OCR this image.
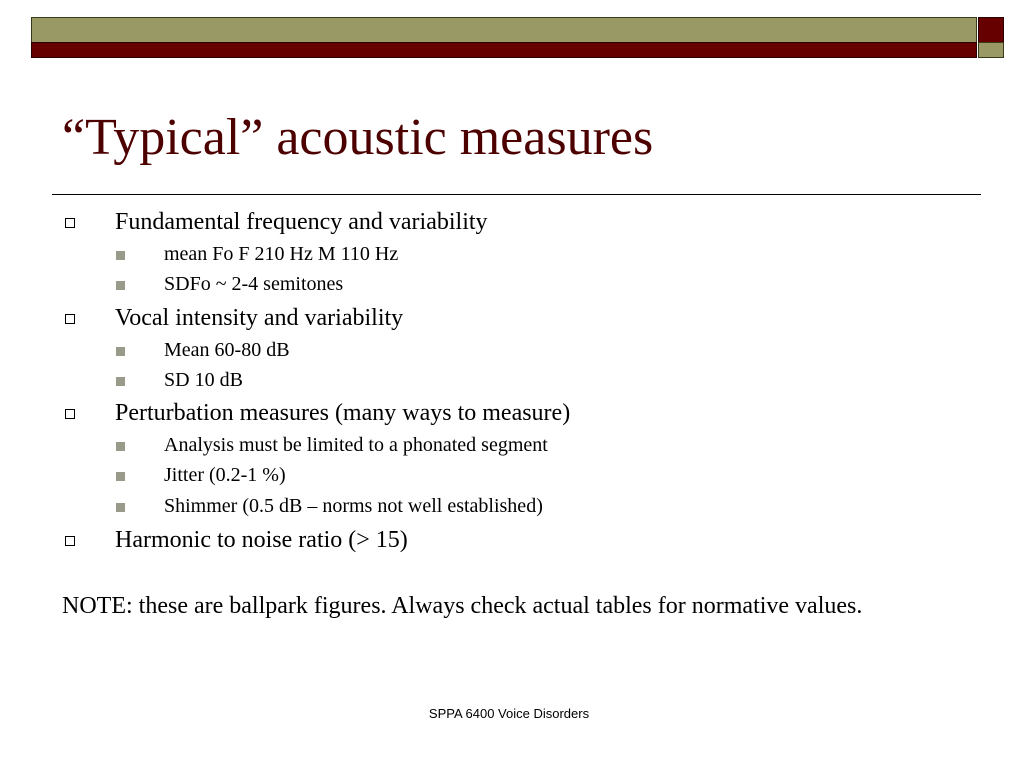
“Typical” acoustic measures
Fundamental frequency and variability
mean Fo F 210 Hz M 110 Hz
SDFo ~ 2-4 semitones
Vocal intensity and variability
Mean 60-80 dB
SD 10 dB
Perturbation measures (many ways to measure)
Analysis must be limited to a phonated segment
Jitter (0.2-1 %)
Shimmer (0.5 dB – norms not well established)
Harmonic to noise ratio (> 15)
NOTE: these are ballpark figures. Always check actual tables for normative values.
SPPA 6400 Voice Disorders
